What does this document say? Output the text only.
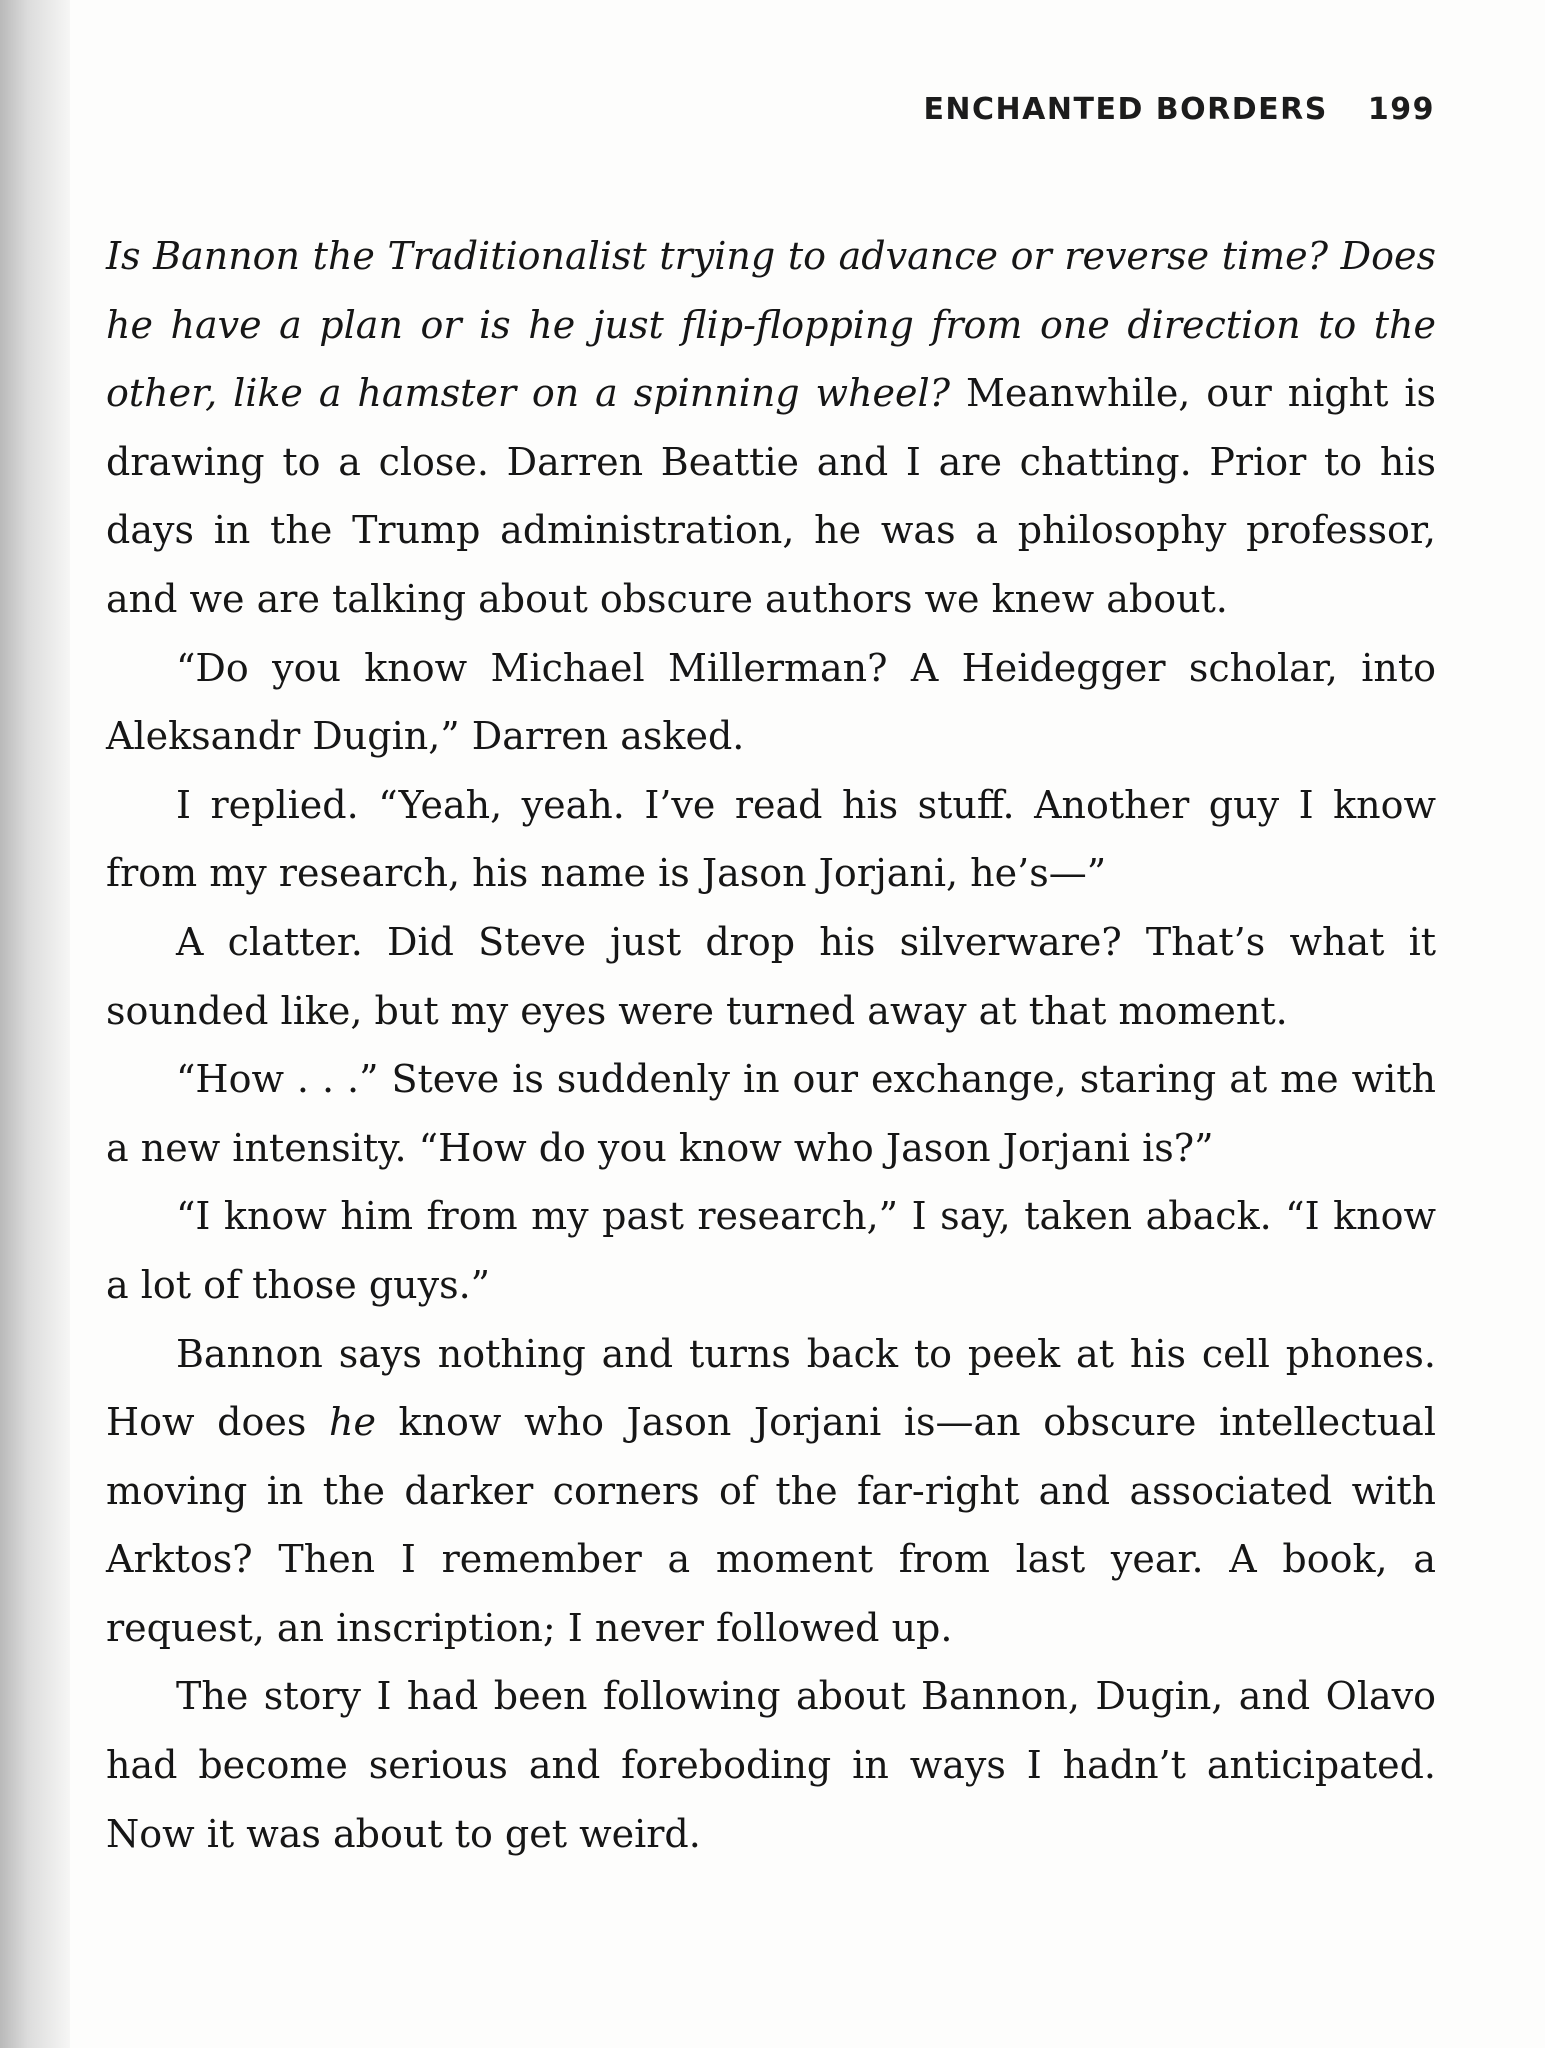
ENCHANTED BORDERS 199

Is Bannon the Traditionalist trying to advance or reverse time? Does he have a plan or is he just flip-flopping from one direction to the other, like a hamster on a spinning wheel? Meanwhile, our night is drawing to a close. Darren Beattie and I are chatting. Prior to his days in the Trump administration, he was a philosophy professor, and we are talking about obscure authors we knew about.

“Do you know Michael Millerman? A Heidegger scholar, into Aleksandr Dugin,” Darren asked.

I replied. “Yeah, yeah. I’ve read his stuff. Another guy I know from my research, his name is Jason Jorjani, he’s—”

A clatter. Did Steve just drop his silverware? That’s what it sounded like, but my eyes were turned away at that moment.

“How . . .” Steve is suddenly in our exchange, staring at me with a new intensity. “How do you know who Jason Jorjani is?”

“I know him from my past research,” I say, taken aback. “I know a lot of those guys.”

Bannon says nothing and turns back to peek at his cell phones. How does he know who Jason Jorjani is—an obscure intellectual moving in the darker corners of the far-right and associated with Arktos? Then I remember a moment from last year. A book, a request, an inscription; I never followed up.

The story I had been following about Bannon, Dugin, and Olavo had become serious and foreboding in ways I hadn’t anticipated. Now it was about to get weird.
